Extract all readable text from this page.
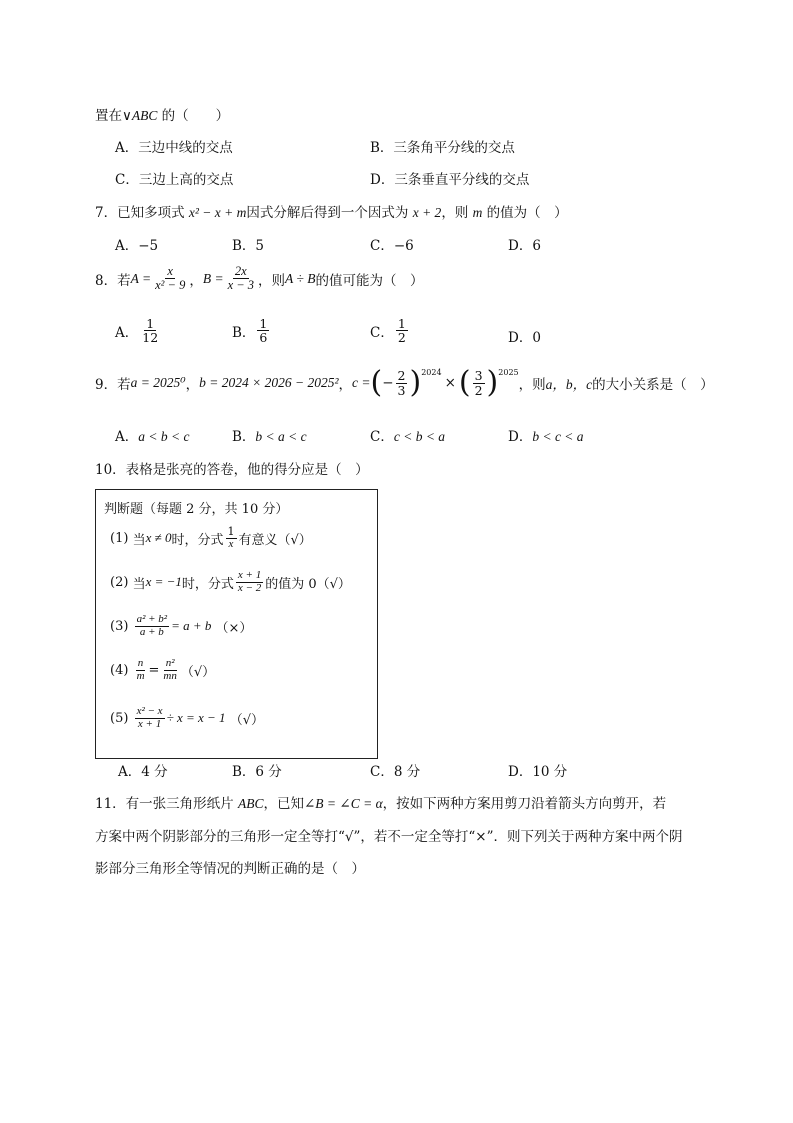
置在∨ABC 的（　　）
A．三边中线的交点	B．三条角平分线的交点
C．三边上高的交点	D．三条垂直平分线的交点
7．已知多项式 x² − x + m因式分解后得到一个因式为 x + 2，则 m 的值为（　）
A．−5	B．5	C．−6	D．6
8．若 $A = \frac{x}{\text{x² − 9}}$ ， $B = \frac{2x}{x - 3}$ ，则 A ÷ B 的值可能为（　）
A． $\frac{1}{12}$	B． $\frac{1}{6}$	C． $\frac{1}{2}$	D．0
9．若 a = 2025⁰ ， b = 2024 × 2026 − 2025² ， c = ( − $\frac{2}{3} )^{2024}$
× ( $\frac{3}{2} )^{2025}$
，则 a，b，c 的大小关系是（　）
A．a < b < c	B．b < a < c	C．c < b < a	D．b < c < a
10．表格是张亮的答卷，他的得分应是（　）
判断题（每题 2 分，共 10 分）
(1)
当 x ≠ 0 时，分式 $\frac{1}{x}$ 有意义（√）
(2)
当 x = −1 时，分式 $\frac{x + 1}{x - 2}$ 的值为 0（√）
(3)
$\frac{\text{a² + b²}}{a + b} = a + b$
（×）
(4)
$\frac{n}{m} = \frac{\text{n²}}{mn}$ （√）
(5)
$\frac{\text{x² − x}}{x + 1} \div x = x - 1$
（√）
A．4 分	B．6 分	C．8 分	D．10 分
11．有一张三角形纸片 ABC，已知∠B = ∠C = α，按如下两种方案用剪刀沿着箭头方向剪开，若
方案中两个阴影部分的三角形一定全等打“√”，若不一定全等打“×”．则下列关于两种方案中两个阴
影部分三角形全等情况的判断正确的是（　）
